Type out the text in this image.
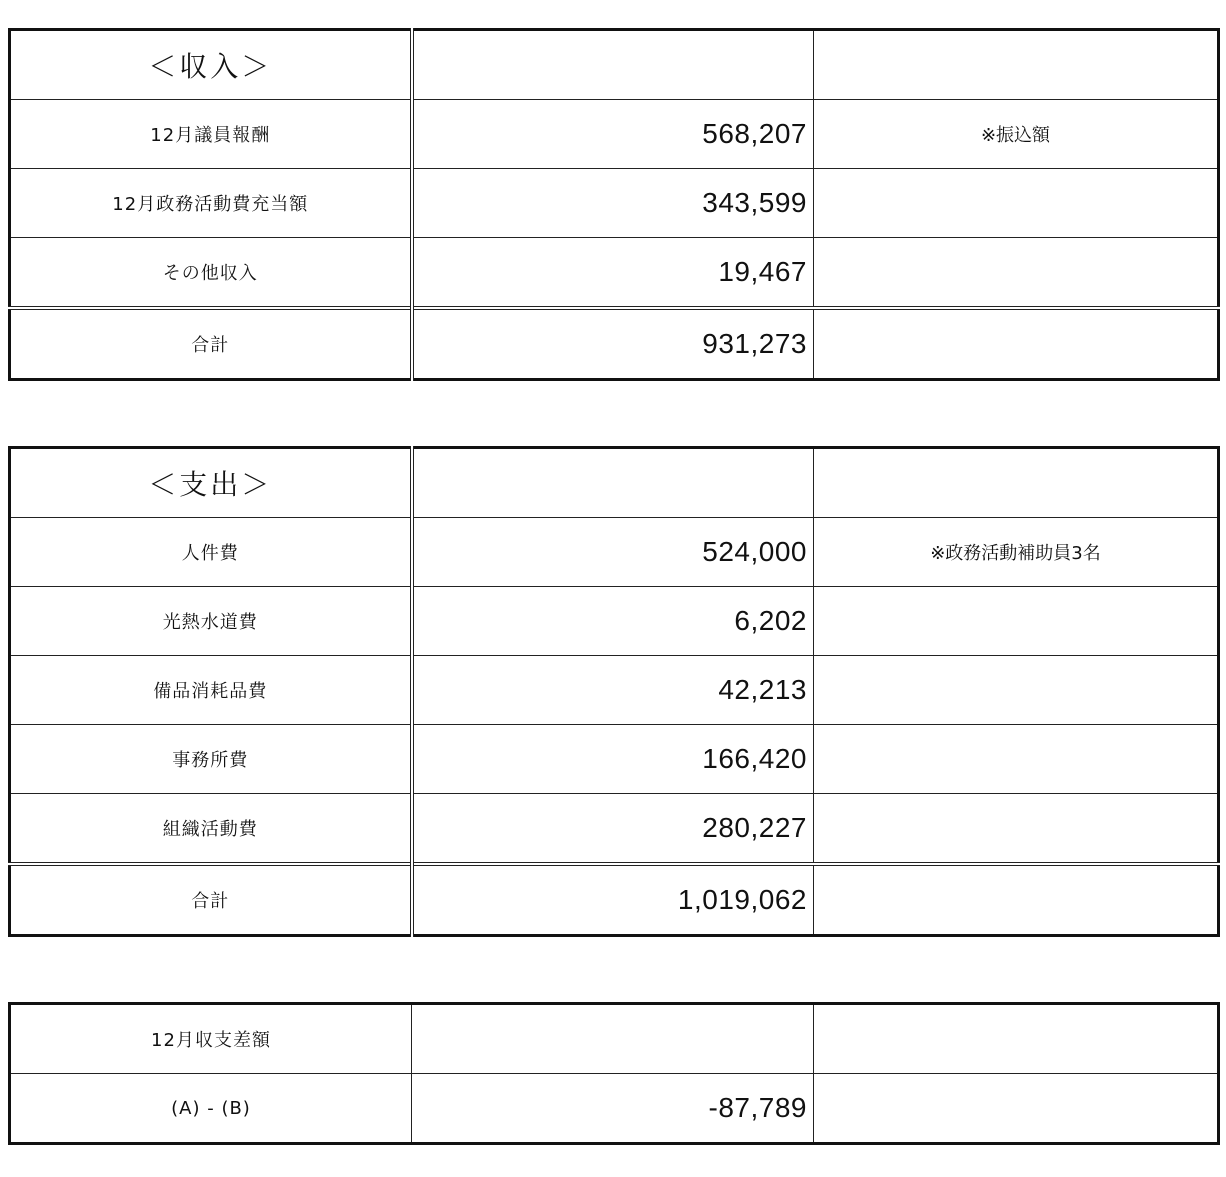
＜収入＞		
12月議員報酬	568,207	※振込額
12月政務活動費充当額	343,599	
その他収入	19,467	
合計	931,273	
＜支出＞		
人件費	524,000	※政務活動補助員3名
光熱水道費	6,202	
備品消耗品費	42,213	
事務所費	166,420	
組織活動費	280,227	
合計	1,019,062	
12月収支差額		
(A) - (B)	-87,789	
